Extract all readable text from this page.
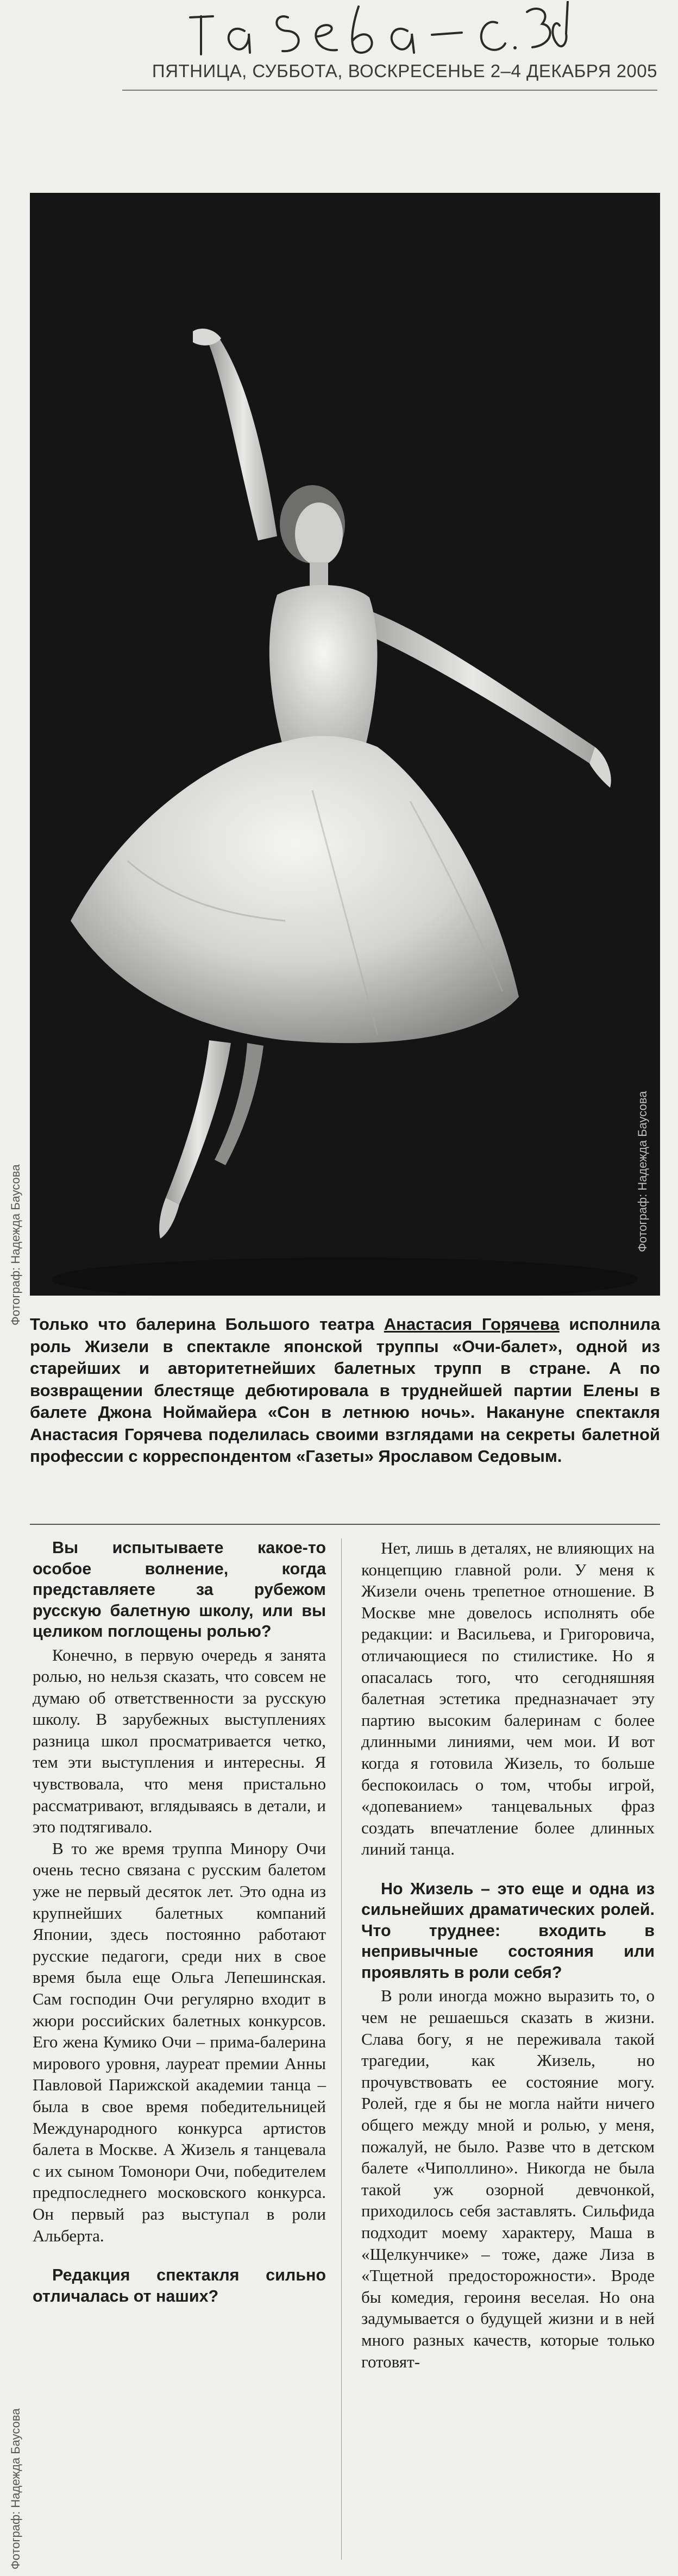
ПЯТНИЦА, СУББОТА, ВОСКРЕСЕНЬЕ 2–4 ДЕКАБРЯ 2005
Фотограф: Надежда Баусова
Фотограф: Надежда Баусова Только что балерина Большого театра Анастасия Горячева исполнила роль Жизели в спектакле японской труппы «Очи-балет», одной из старейших и авторитетнейших балетных трупп в стране. А по возвращении блестяще дебютировала в труднейшей партии Елены в балете Джона Ноймайера «Сон в летнюю ночь». Накануне спектакля Анастасия Горячева поделилась своими взглядами на секреты балетной профессии с корреспондентом «Газеты» Ярославом Седовым.

Вы испытываете какое-то особое волнение, когда представляете за рубежом русскую балетную школу, или вы целиком поглощены ролью?

Конечно, в первую очередь я занята ролью, но нельзя сказать, что совсем не думаю об ответственности за русскую школу. В зарубежных выступлениях разница школ просматривается четко, тем эти выступления и интересны. Я чувствовала, что меня пристально рассматривают, вглядываясь в детали, и это подтягивало.

В то же время труппа Минору Очи очень тесно связана с русским балетом уже не первый десяток лет. Это одна из крупнейших балетных компаний Японии, здесь постоянно работают русские педагоги, среди них в свое время была еще Ольга Лепешинская. Сам господин Очи регулярно входит в жюри российских балетных конкурсов. Его жена Кумико Очи – прима-балерина мирового уровня, лауреат премии Анны Павловой Парижской академии танца – была в свое время победительницей Международного конкурса артистов балета в Москве. А Жизель я танцевала с их сыном Томонори Очи, победителем предпоследнего московского конкурса. Он первый раз выступал в роли Альберта.

Редакция спектакля сильно отличалась от наших?

Нет, лишь в деталях, не влияющих на концепцию главной роли. У меня к Жизели очень трепетное отношение. В Москве мне довелось исполнять обе редакции: и Васильева, и Григоровича, отличающиеся по стилистике. Но я опасалась того, что сегодняшняя балетная эстетика предназначает эту партию высоким балеринам с более длинными линиями, чем мои. И вот когда я готовила Жизель, то больше беспокоилась о том, чтобы игрой, «допеванием» танцевальных фраз создать впечатление более длинных линий танца.

Но Жизель – это еще и одна из сильнейших драматических ролей. Что труднее: входить в непривычные состояния или проявлять в роли себя?

В роли иногда можно выразить то, о чем не решаешься сказать в жизни. Слава богу, я не переживала такой трагедии, как Жизель, но прочувствовать ее состояние могу. Ролей, где я бы не могла найти ничего общего между мной и ролью, у меня, пожалуй, не было. Разве что в детском балете «Чиполлино». Никогда не была такой уж озорной девчонкой, приходилось себя заставлять. Сильфида подходит моему характеру, Маша в «Щелкунчике» – тоже, даже Лиза в «Тщетной предосторожности». Вроде бы комедия, героиня веселая. Но она задумывается о будущей жизни и в ней много разных качеств, которые только готовят-

Фотограф: Надежда Баусова
